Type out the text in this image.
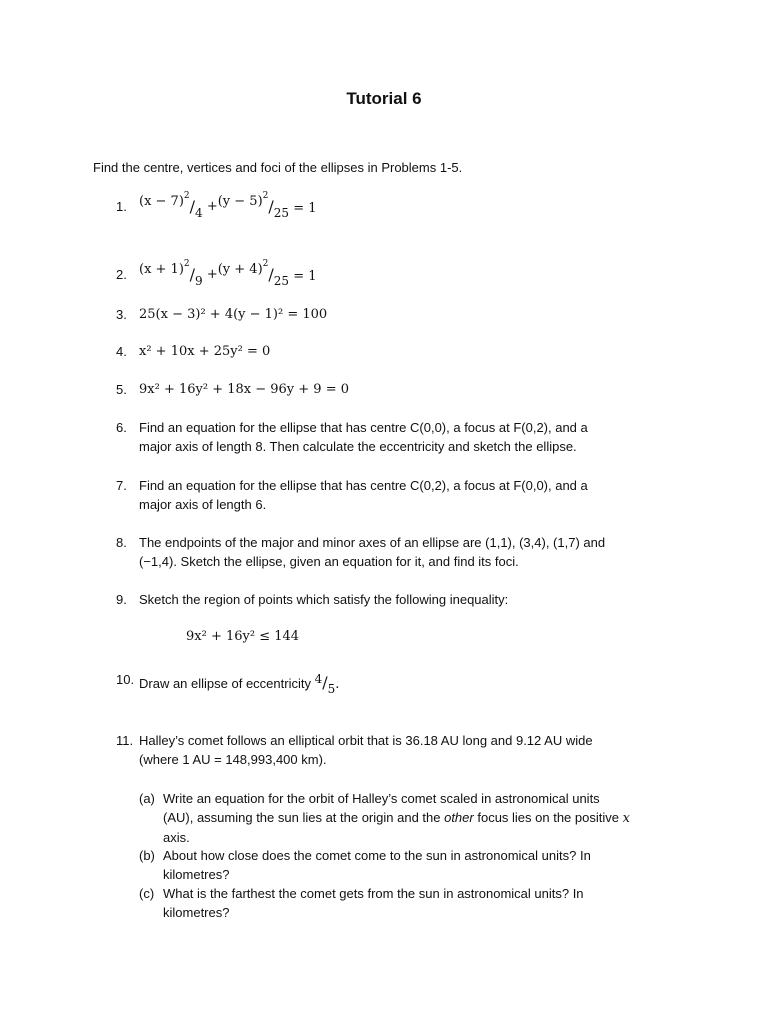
Tutorial 6
Find the centre, vertices and foci of the ellipses in Problems 1-5.
1. $(x - 7)^2/4 +(y - 5)^2/25 = 1$
2. $(x + 1)^2/9 +(y + 4)^2/25 = 1$
3. 25(x − 3)² + 4(y − 1)² = 100
4. x² + 10x + 25y² = 0
5. 9x² + 16y² + 18x − 96y + 9 = 0
6. Find an equation for the ellipse that has centre C(0,0), a focus at F(0,2), and a
major axis of length 8. Then calculate the eccentricity and sketch the ellipse.
7. Find an equation for the ellipse that has centre C(0,2), a focus at F(0,0), and a
major axis of length 6.
8. The endpoints of the major and minor axes of an ellipse are (1,1), (3,4), (1,7) and
(−1,4). Sketch the ellipse, given an equation for it, and find its foci.
9. Sketch the region of points which satisfy the following inequality:
9x² + 16y² ≤ 144
10. Draw an ellipse of eccentricity 4/5.
11. Halley’s comet follows an elliptical orbit that is 36.18 AU long and 9.12 AU wide
(where 1 AU = 148,993,400 km).
(a) Write an equation for the orbit of Halley’s comet scaled in astronomical units
(AU), assuming the sun lies at the origin and the other focus lies on the positive x
axis.
(b) About how close does the comet come to the sun in astronomical units? In
kilometres?
(c) What is the farthest the comet gets from the sun in astronomical units? In
kilometres?
